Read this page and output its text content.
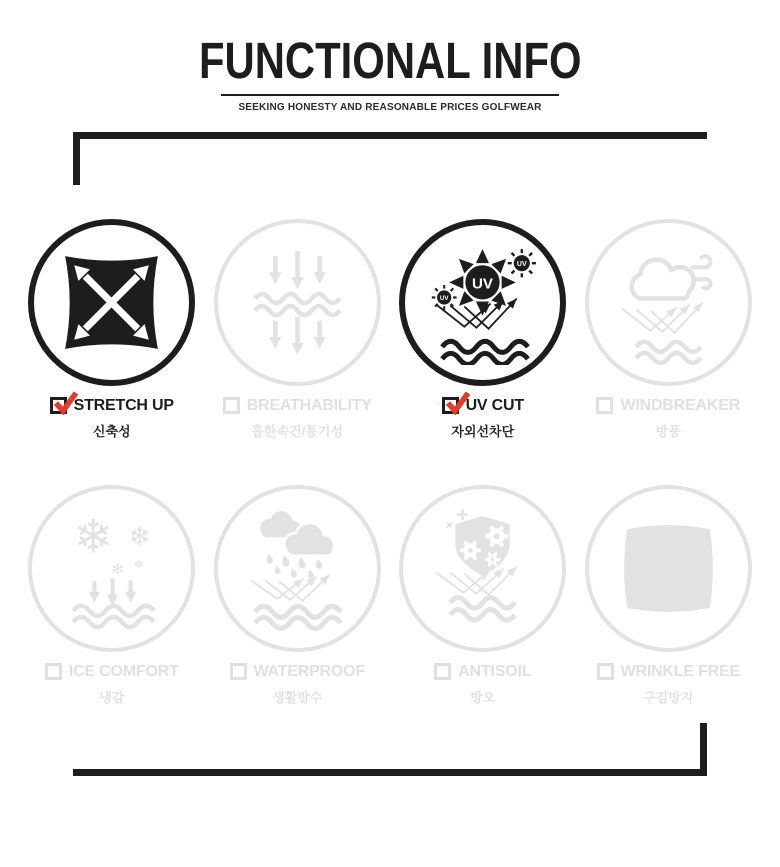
FUNCTIONAL INFO
SEEKING HONESTY AND REASONABLE PRICES GOLFWEAR
STRETCH UP
신축성
BREATHABILITY
흡한속건/통기성
UV
UV
UV
UV CUT
자외선차단
WINDBREAKER
방풍
❄ ❄
❄ ❄
ICE COMFORT
냉감
WATERPROOF
생활방수
ANTISOIL
방오
WRINKLE FREE
구김방지
